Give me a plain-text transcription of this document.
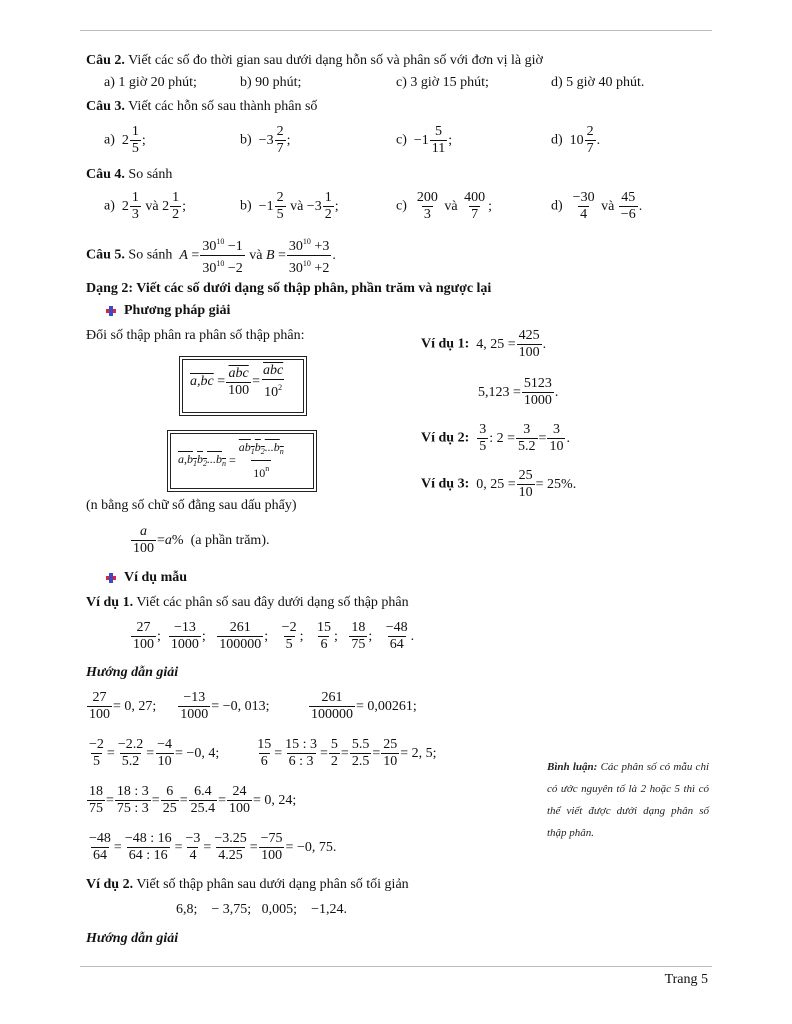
Câu 2. Viết các số đo thời gian sau dưới dạng hỗn số và phân số với đơn vị là giờ
a) 1 giờ 20 phút;	b) 90 phút;	c) 3 giờ 15 phút;	d) 5 giờ 40 phút.
Câu 3. Viết các hỗn số sau thành phân số
a)  2
1
5
;	b)  −3
2
7
;	c)  −1
5
11
;	d)  10
2
7
.
Câu 4. So sánh
a)  2
1
3

và 2
1
2
;	b)  −1
2
5

và −3
1
2
;	c)
200
3

và

400
7
;	d)
−30
4

và

45
−6
.
Câu 5. So sánh A =
$30^{10} -1$
$30^{10} -2$

và
B =
$30^{10} +3$
$30^{10} +2$
.
Dạng 2: Viết các số dưới dạng số thập phân, phần trăm và ngược lại
Phương pháp giải
Đổi số thập phân ra phân số thập phân:
a,bc =
$\overline{abc}$
100
=
$\overline{abc}$
$10^2$
$a,b_1b_2...b_n$ =
$ab_1b_2...b_n$
10$^n$
Ví dụ 1:  4, 25 =
425
100
.
5,123 =
5123
1000
.
Ví dụ 2:
3
5
: 2 =
3
5.2
=
3
10
.
Ví dụ 3:  0, 25 =
25
10
= 25%.
(n bằng số chữ số đằng sau dấu phẩy)
a
100
= a % (a phần trăm).
Ví dụ mẫu
Ví dụ 1. Viết các phân số sau đây dưới dạng số thập phân
27
100
;
−13
1000
;
261
100000
;
−2
5
;
15
6
;
18
75
;
−48
64
.
Hướng dẫn giải
27
100
= 0, 27;
−13
1000
= −0, 013;
261
100000
= 0,00261;
−2
5
=
−2.2
5.2
=
−4
10
= −0, 4;
15
6
=
15 : 3
6 : 3
=
5
2
=
5.5
2.5
=
25
10
= 2, 5;
18
75
=
18 : 3
75 : 3
=
6
25
=
6.4
25.4
=
24
100
= 0, 24;
−48
64
=
−48 : 16
64 : 16
=
−3
4
=
−3.25
4.25
=
−75
100
= −0, 75.
Bình luận: Các phân số có mẫu chỉ có ước nguyên tố là 2 hoặc 5 thì có thể viết được dưới dạng phân số thập phân.
Ví dụ 2. Viết số thập phân sau dưới dạng phân số tối giản
6,8;    − 3,75;   0,005;    −1,24.
Hướng dẫn giải
Trang 5
